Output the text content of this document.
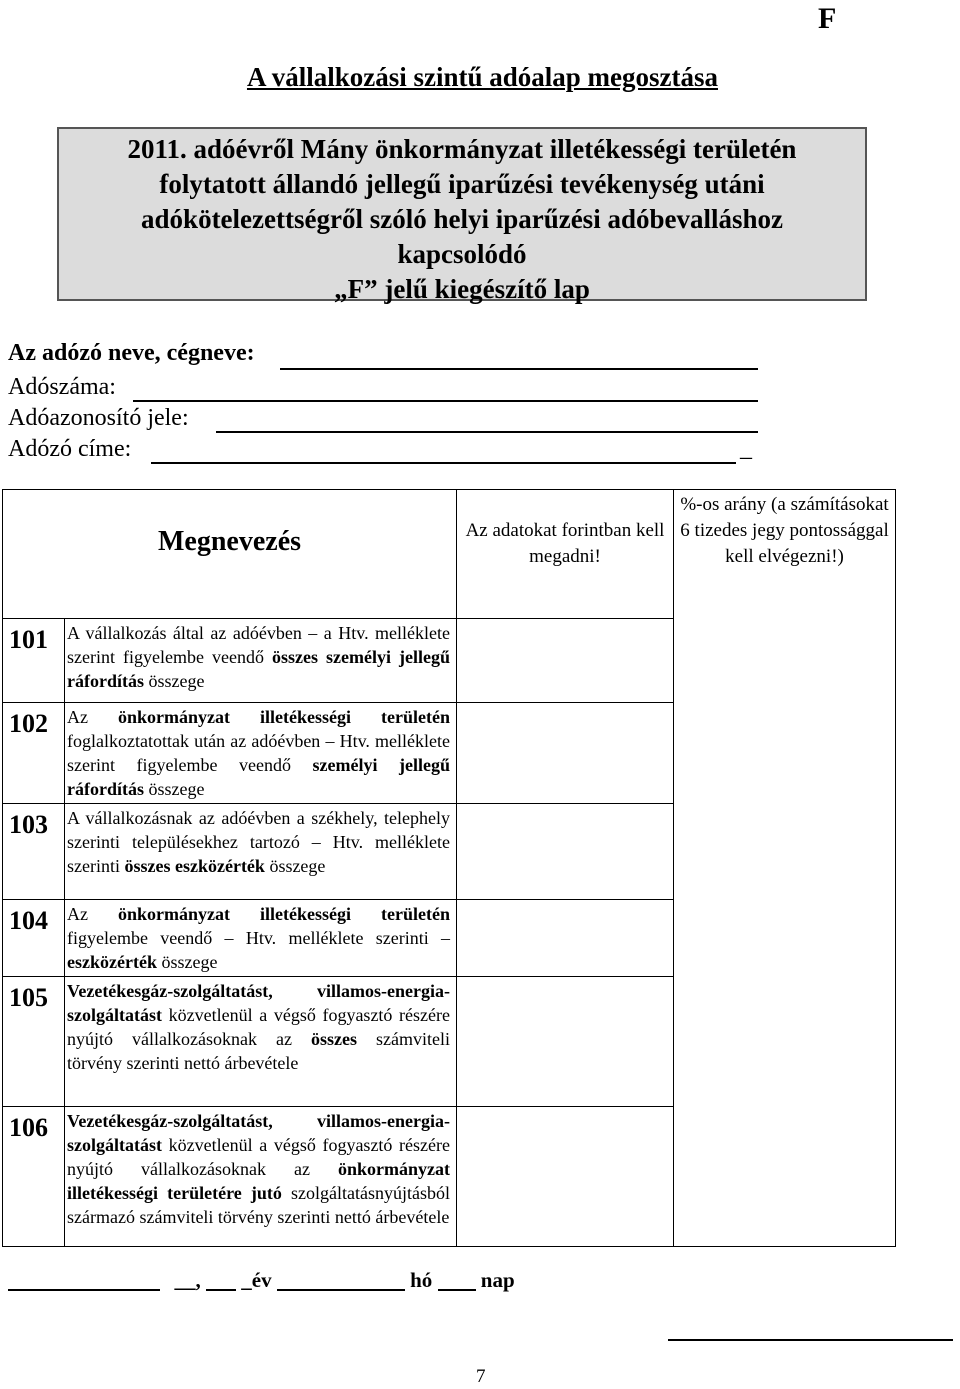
F
A vállalkozási szintű adóalap megosztása
2011. adóévről Mány önkormányzat illetékességi területén
folytatott állandó jellegű iparűzési tevékenység utáni
adókötelezettségről szóló helyi iparűzési adóbevalláshoz
kapcsolódó
„F” jelű kiegészítő lap
Az adózó neve, cégneve:
Adószáma:
Adóazonosító jele:
Adózó címe:	_
Megnevezés		Az adatokat forintban kell megadni!	%-os arány (a számításokat 6 tizedes jegy pontossággal kell elvégezni!)
101	A vállalkozás által az adóévben – a Htv. melléklete szerint figyelembe veendő összes személyi jellegű ráfordítás összege		
102	Az önkormányzat illetékességi területén foglalkoztatottak után az adóévben – Htv. melléklete szerint figyelembe veendő személyi jellegű ráfordítás összege		
103	A vállalkozásnak az adóévben a székhely, telephely szerinti településekhez tartozó – Htv. melléklete szerinti összes eszközérték összege		
104	Az önkormányzat illetékességi területén figyelembe veendő – Htv. melléklete szerinti – eszközérték összege		
105	Vezetékesgáz-szolgáltatást, villamos-energia-szolgáltatást közvetlenül a végső fogyasztó részére nyújtó vállalkozásoknak az összes számviteli törvény szerinti nettó árbevétele		
106	Vezetékesgáz-szolgáltatást, villamos-energia-szolgáltatást közvetlenül a végső fogyasztó részére nyújtó vállalkozásoknak az önkormányzat illetékességi területére jutó szolgáltatásnyújtásból származó számviteli törvény szerinti nettó árbevétele		
__, _év	hó nap
7
